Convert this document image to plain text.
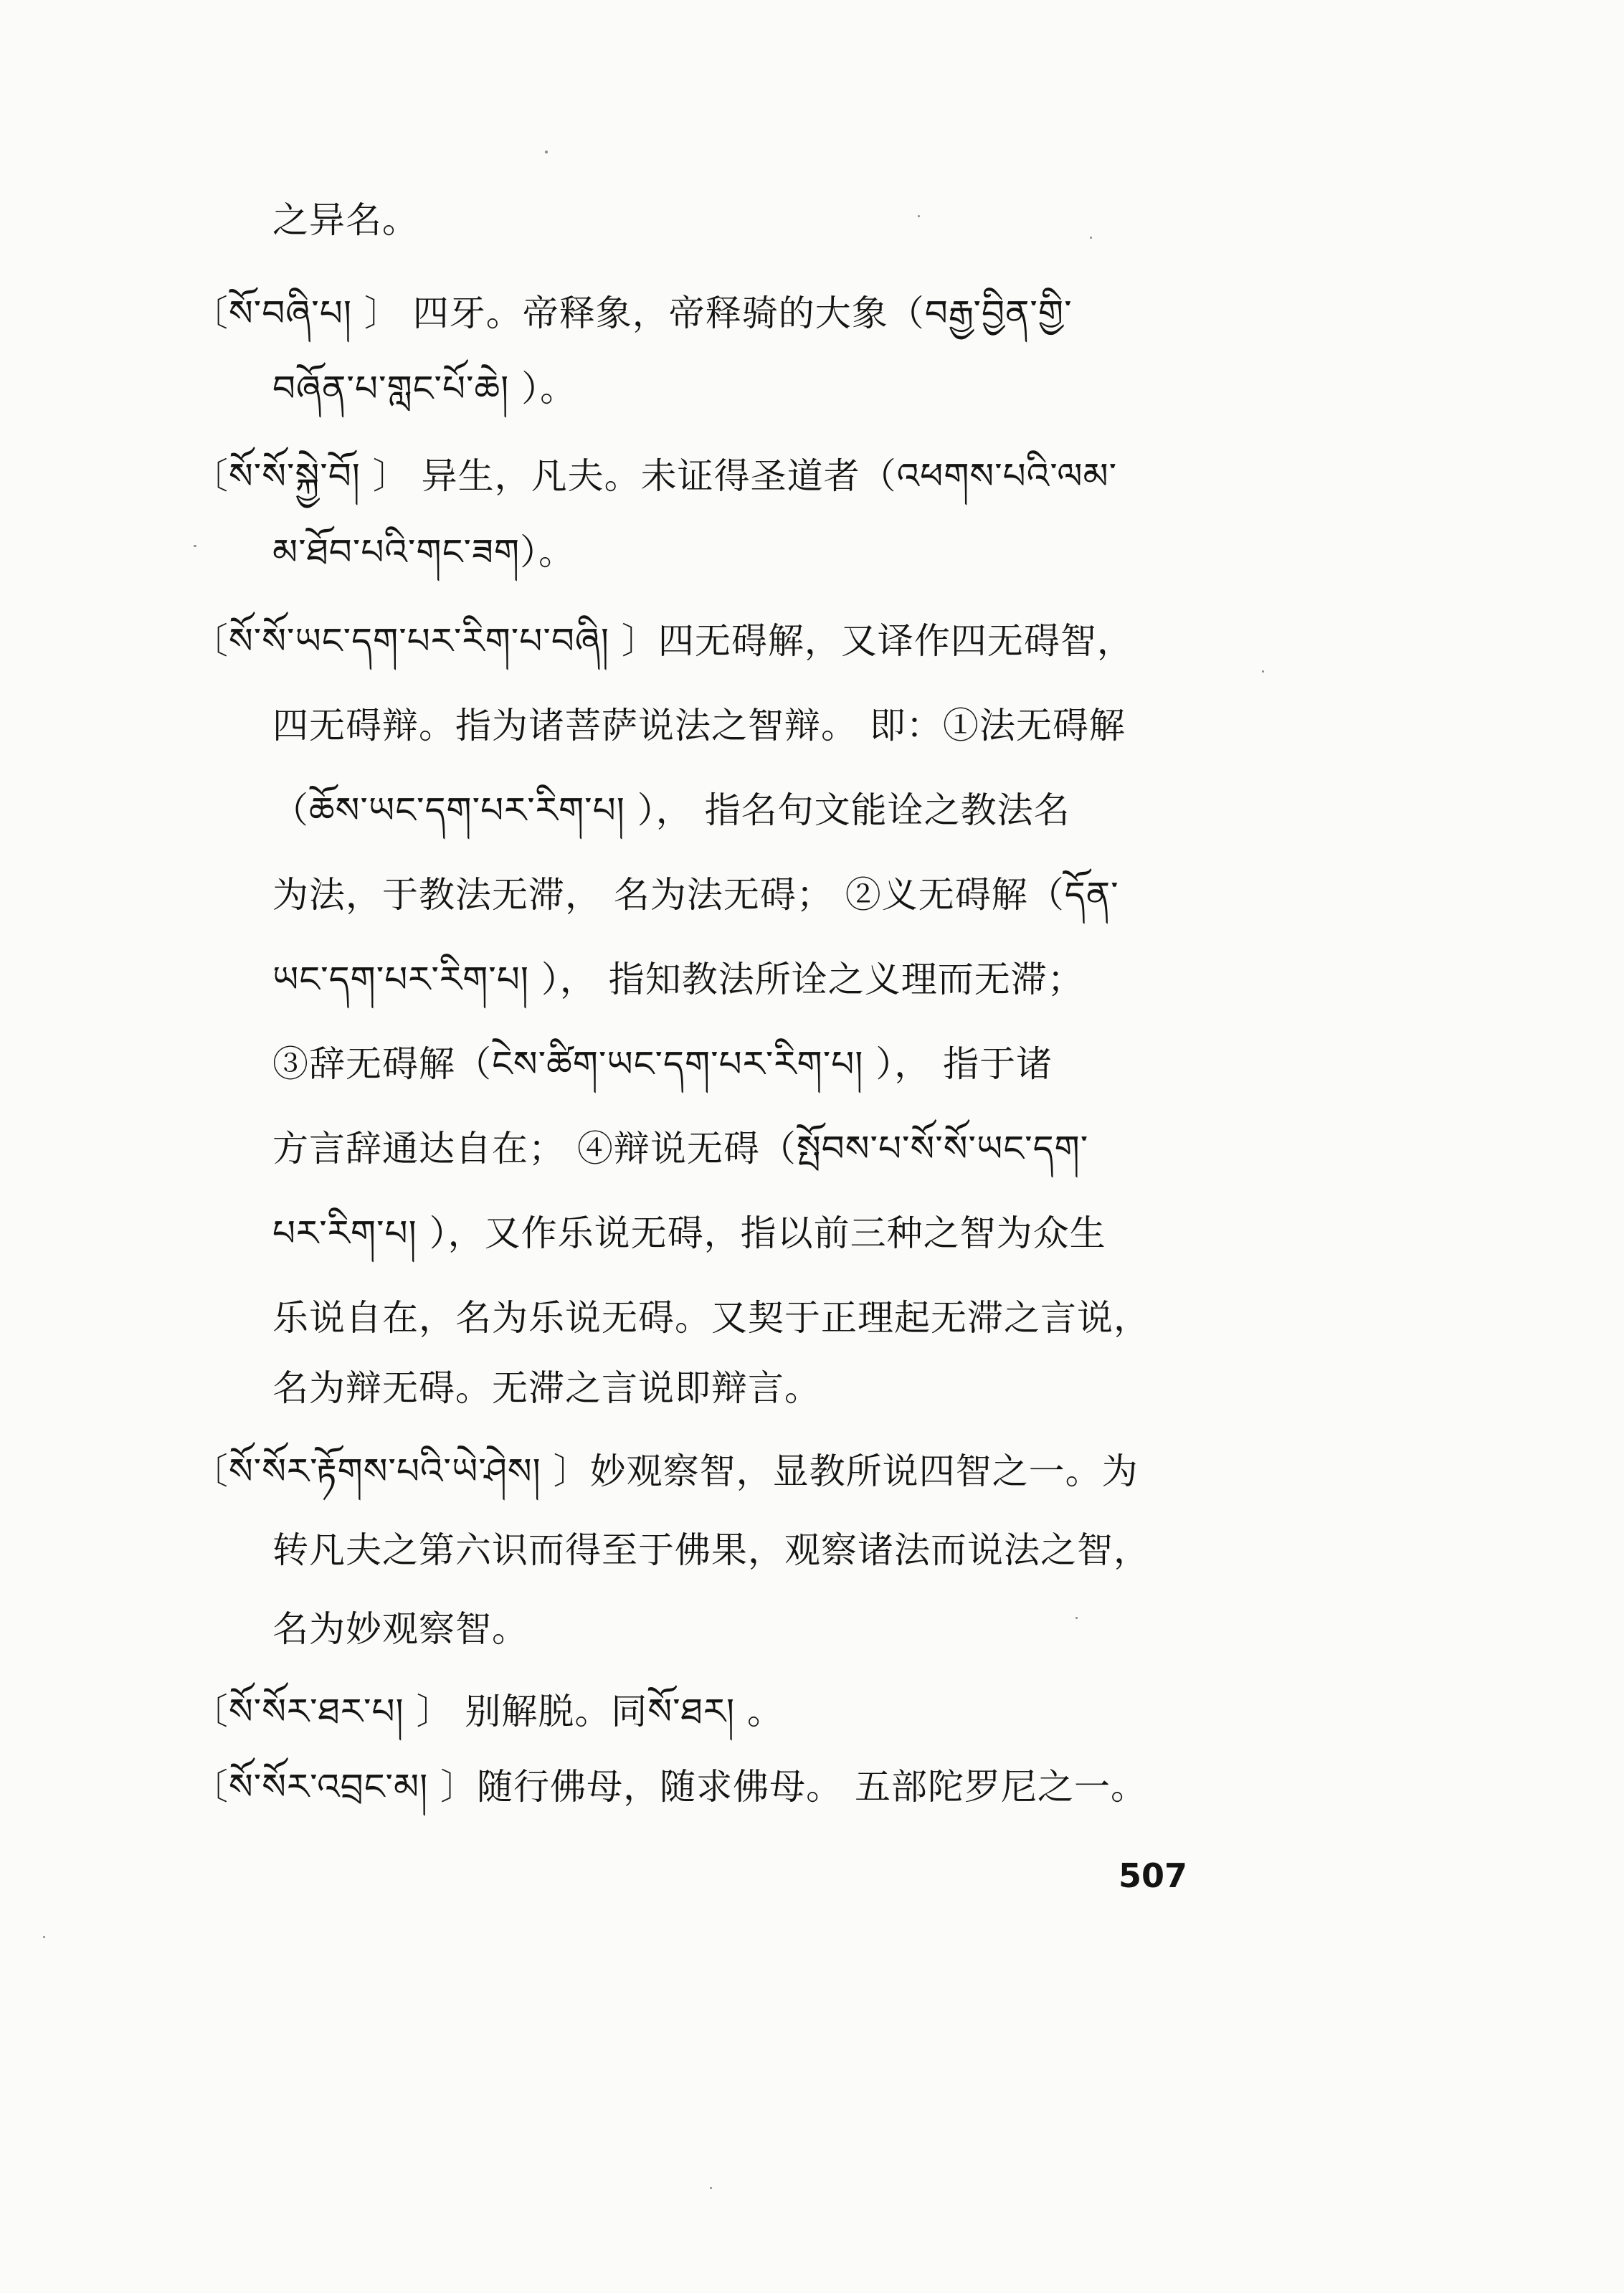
之异名。
〔སོ་བཞི་པ། 〕 四牙。帝释象，帝释骑的大象（བརྒྱ་བྱིན་གྱི་
བཞོན་པ་གླང་པོ་ཆེ། ）。
〔སོ་སོ་སྐྱེ་བོ། 〕 异生，凡夫。未证得圣道者（འཕགས་པའི་ལམ་
མ་ཐོབ་པའི་གང་ཟག）。
〔སོ་སོ་ཡང་དག་པར་རིག་པ་བཞི། 〕四无碍解，又译作四无碍智，
四无碍辩。指为诸菩萨说法之智辩。 即：①法无碍解
（ཆོས་ཡང་དག་པར་རིག་པ། ）， 指名句文能诠之教法名
为法，于教法无滞， 名为法无碍； ②义无碍解（དོན་
ཡང་དག་པར་རིག་པ། ）， 指知教法所诠之义理而无滞；
③辞无碍解（ངེས་ཚིག་ཡང་དག་པར་རིག་པ། ）， 指于诸
方言辞通达自在； ④辩说无碍（སྤོབས་པ་སོ་སོ་ཡང་དག་
པར་རིག་པ། ），又作乐说无碍，指以前三种之智为众生
乐说自在，名为乐说无碍。又契于正理起无滞之言说，
名为辩无碍。无滞之言说即辩言。
〔སོ་སོར་རྟོགས་པའི་ཡེ་ཤེས། 〕妙观察智，显教所说四智之一。为
转凡夫之第六识而得至于佛果，观察诸法而说法之智，
名为妙观察智。
〔སོ་སོར་ཐར་པ། 〕 别解脱。同སོ་ཐར། 。
〔སོ་སོར་འབྲང་མ། 〕随行佛母，随求佛母。 五部陀罗尼之一。
507
